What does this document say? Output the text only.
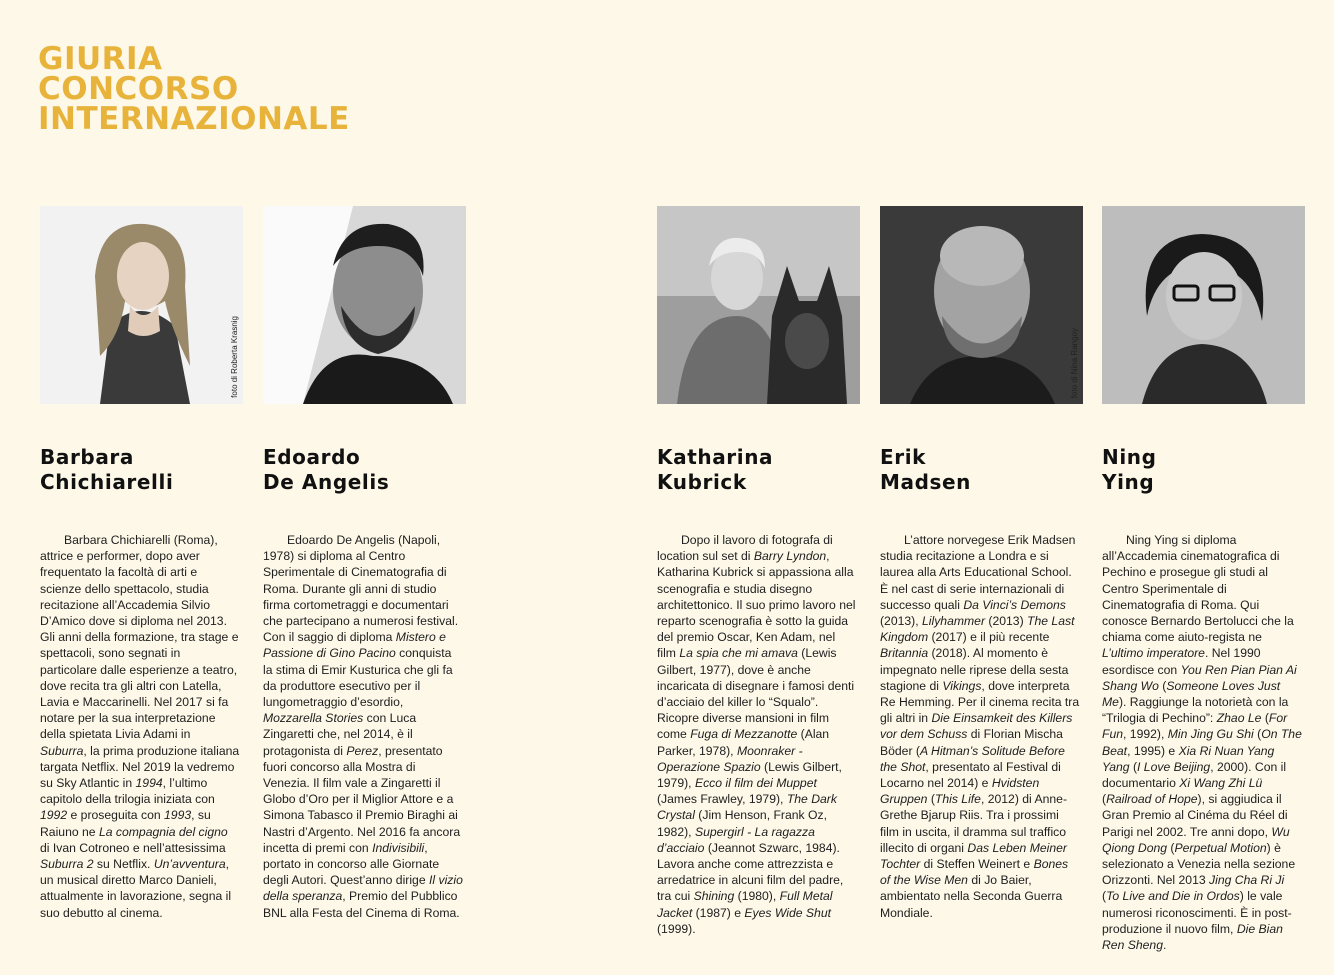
GIURIA
CONCORSO
INTERNAZIONALE
foto di Roberta Krasnig
Barbara
Chichiarelli

Barbara Chichiarelli (Roma), attrice e performer, dopo aver frequentato la facoltà di arti e scienze dello spettacolo, studia recitazione all’Accademia Silvio D’Amico dove si diploma nel 2013. Gli anni della formazione, tra stage e spettacoli, sono segnati in particolare dalle esperienze a teatro, dove recita tra gli altri con Latella, Lavia e Maccarinelli. Nel 2017 si fa notare per la sua interpretazione della spietata Livia Adami in Suburra, la prima produzione italiana targata Netflix. Nel 2019 la vedremo su Sky Atlantic in 1994, l’ultimo capitolo della trilogia iniziata con 1992 e proseguita con 1993, su Raiuno ne La compagnia del cigno di Ivan Cotroneo e nell’attesissima Suburra 2 su Netflix. Un’avventura, un musical diretto Marco Danieli, attualmente in lavorazione, segna il suo debutto al cinema.

Edoardo
De Angelis

Edoardo De Angelis (Napoli, 1978) si diploma al Centro Sperimentale di Cinematografia di Roma. Durante gli anni di studio firma cortometraggi e documentari che partecipano a numerosi festival. Con il saggio di diploma Mistero e Passione di Gino Pacino conquista la stima di Emir Kusturica che gli fa da produttore esecutivo per il lungometraggio d’esordio, Mozzarella Stories con Luca Zingaretti che, nel 2014, è il protagonista di Perez, presentato fuori concorso alla Mostra di Venezia. Il film vale a Zingaretti il Globo d’Oro per il Miglior Attore e a Simona Tabasco il Premio Biraghi ai Nastri d’Argento. Nel 2016 fa ancora incetta di premi con Indivisibili, portato in concorso alle Giornate degli Autori. Quest’anno dirige Il vizio della speranza, Premio del Pubblico BNL alla Festa del Cinema di Roma.

Katharina
Kubrick

Dopo il lavoro di fotografa di location sul set di Barry Lyndon, Katharina Kubrick si appassiona alla scenografia e studia disegno architettonico. Il suo primo lavoro nel reparto scenografia è sotto la guida del premio Oscar, Ken Adam, nel film La spia che mi amava (Lewis Gilbert, 1977), dove è anche incaricata di disegnare i famosi denti d’acciaio del killer lo “Squalo”. Ricopre diverse mansioni in film come Fuga di Mezzanotte (Alan Parker, 1978), Moonraker - Operazione Spazio (Lewis Gilbert, 1979), Ecco il film dei Muppet (James Frawley, 1979), The Dark Crystal (Jim Henson, Frank Oz, 1982), Supergirl - La ragazza d’acciaio (Jeannot Szwarc, 1984). Lavora anche come attrezzista e arredatrice in alcuni film del padre, tra cui Shining (1980), Full Metal Jacket (1987) e Eyes Wide Shut (1999).

foto di Nina Rangoy
Erik
Madsen

L’attore norvegese Erik Madsen studia recitazione a Londra e si laurea alla Arts Educational School. È nel cast di serie internazionali di successo quali Da Vinci’s Demons (2013), Lilyhammer (2013) The Last Kingdom (2017) e il più recente Britannia (2018). Al momento è impegnato nelle riprese della sesta stagione di Vikings, dove interpreta Re Hemming. Per il cinema recita tra gli altri in Die Einsamkeit des Killers vor dem Schuss di Florian Mischa Böder (A Hitman’s Solitude Before the Shot, presentato al Festival di Locarno nel 2014) e Hvidsten Gruppen (This Life, 2012) di Anne-Grethe Bjarup Riis. Tra i prossimi film in uscita, il dramma sul traffico illecito di organi Das Leben Meiner Tochter di Steffen Weinert e Bones of the Wise Men di Jo Baier, ambientato nella Seconda Guerra Mondiale.

Ning
Ying

Ning Ying si diploma all’Accademia cinematografica di Pechino e prosegue gli studi al Centro Sperimentale di Cinematografia di Roma. Qui conosce Bernardo Bertolucci che la chiama come aiuto-regista ne L’ultimo imperatore. Nel 1990 esordisce con You Ren Pian Pian Ai Shang Wo (Someone Loves Just Me). Raggiunge la notorietà con la “Trilogia di Pechino”: Zhao Le (For Fun, 1992), Min Jing Gu Shi (On The Beat, 1995) e Xia Ri Nuan Yang Yang (I Love Beijing, 2000). Con il documentario Xi Wang Zhi Lü (Railroad of Hope), si aggiudica il Gran Premio al Cinéma du Réel di Parigi nel 2002. Tre anni dopo, Wu Qiong Dong (Perpetual Motion) è selezionato a Venezia nella sezione Orizzonti. Nel 2013 Jing Cha Ri Ji (To Live and Die in Ordos) le vale numerosi riconoscimenti. È in post-produzione il nuovo film, Die Bian Ren Sheng.
